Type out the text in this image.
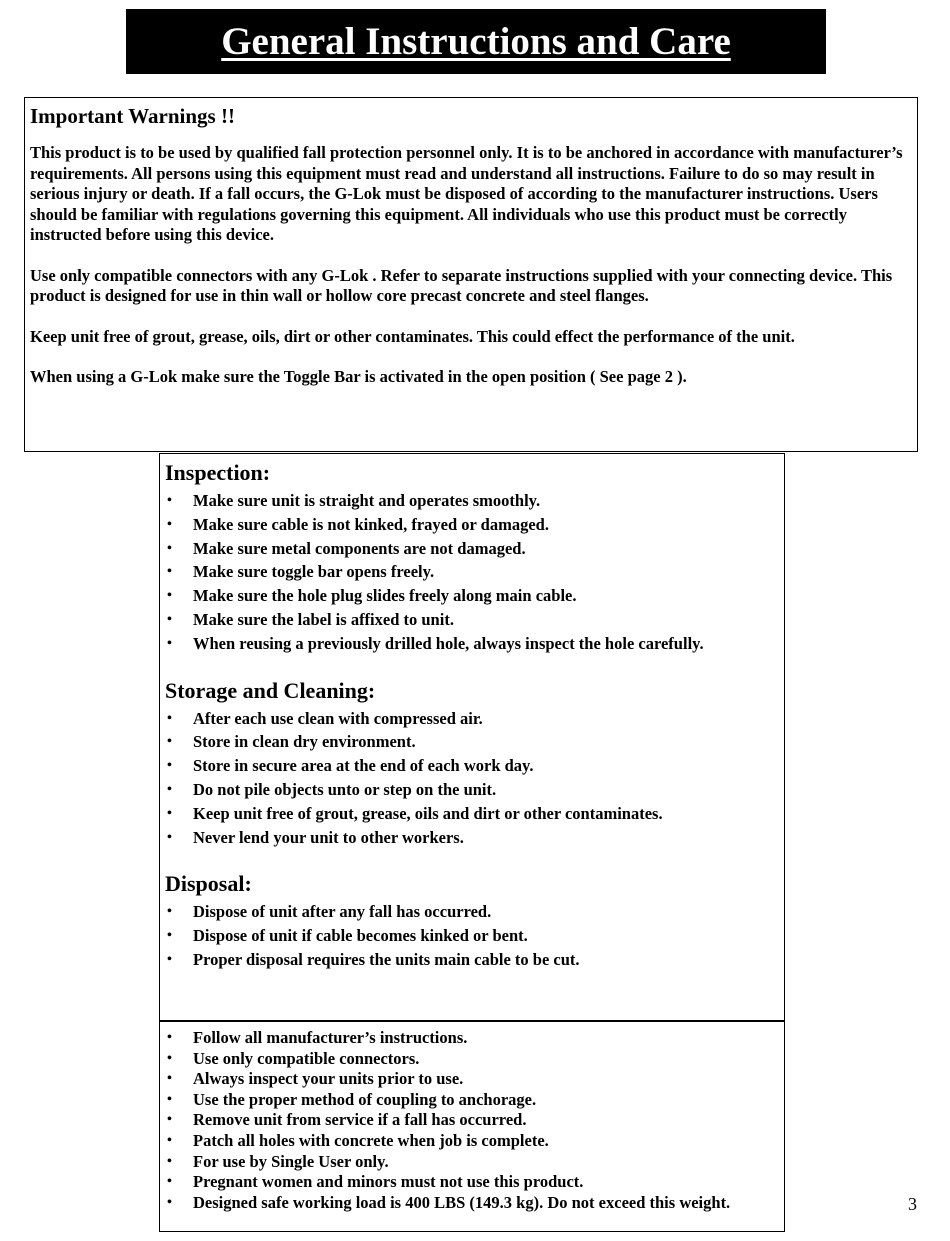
General Instructions and Care
Important Warnings !!

This product is to be used by qualified fall protection personnel only. It is to be anchored in accordance with manufacturer’s requirements. All persons using this equipment must read and understand all instructions. Failure to do so may result in serious injury or death. If a fall occurs, the G-Lok must be disposed of according to the manufacturer instructions. Users should be familiar with regulations governing this equipment. All individuals who use this product must be correctly instructed before using this device.

Use only compatible connectors with any G-Lok . Refer to separate instructions supplied with your connecting device. This product is designed for use in thin wall or hollow core precast concrete and steel flanges.

Keep unit free of grout, grease, oils, dirt or other contaminates. This could effect the performance of the unit.

When using a G-Lok make sure the Toggle Bar is activated in the open position ( See page 2 ).

Inspection:
• Make sure unit is straight and operates smoothly.
• Make sure cable is not kinked, frayed or damaged.
• Make sure metal components are not damaged.
• Make sure toggle bar opens freely.
• Make sure the hole plug slides freely along main cable.
• Make sure the label is affixed to unit.
• When reusing a previously drilled hole, always inspect the hole carefully.
Storage and Cleaning:
• After each use clean with compressed air.
• Store in clean dry environment.
• Store in secure area at the end of each work day.
• Do not pile objects unto or step on the unit.
• Keep unit free of grout, grease, oils and dirt or other contaminates.
• Never lend your unit to other workers.
Disposal:
• Dispose of unit after any fall has occurred.
• Dispose of unit if cable becomes kinked or bent.
• Proper disposal requires the units main cable to be cut.
• Follow all manufacturer’s instructions.
• Use only compatible connectors.
• Always inspect your units prior to use.
• Use the proper method of coupling to anchorage.
• Remove unit from service if a fall has occurred.
• Patch all holes with concrete when job is complete.
• For use by Single User only.
• Pregnant women and minors must not use this product.
• Designed safe working load is 400 LBS (149.3 kg). Do not exceed this weight.	3
